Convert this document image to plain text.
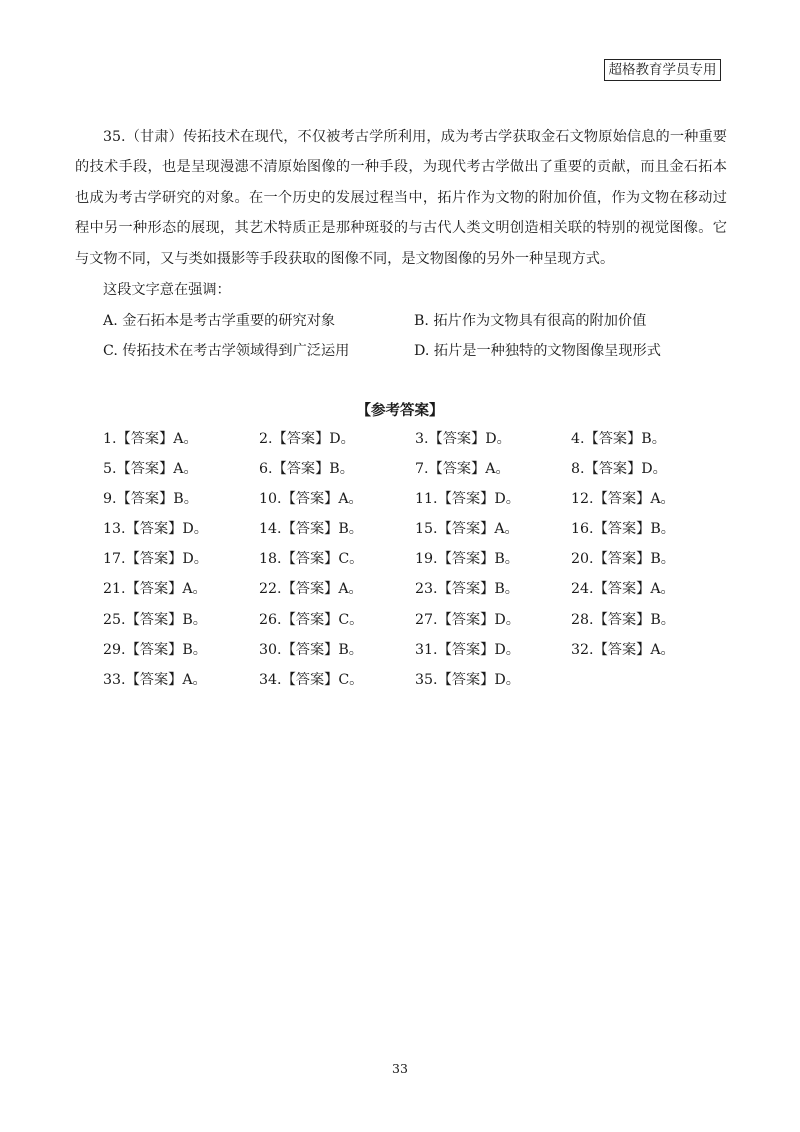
超格教育学员专用

35.（甘肃）传拓技术在现代，不仅被考古学所利用，成为考古学获取金石文物原始信息的一种重要的技术手段，也是呈现漫漶不清原始图像的一种手段，为现代考古学做出了重要的贡献，而且金石拓本也成为考古学研究的对象。在一个历史的发展过程当中，拓片作为文物的附加价值，作为文物在移动过程中另一种形态的展现，其艺术特质正是那种斑驳的与古代人类文明创造相关联的特别的视觉图像。它与文物不同，又与类如摄影等手段获取的图像不同，是文物图像的另外一种呈现方式。

这段文字意在强调：
A. 金石拓本是考古学重要的研究对象	B. 拓片作为文物具有很高的附加价值
C. 传拓技术在考古学领域得到广泛运用	D. 拓片是一种独特的文物图像呈现形式
【参考答案】
1.【答案】A。	2.【答案】D。	3.【答案】D。	4.【答案】B。
5.【答案】A。	6.【答案】B。	7.【答案】A。	8.【答案】D。
9.【答案】B。	10.【答案】A。	11.【答案】D。	12.【答案】A。
13.【答案】D。	14.【答案】B。	15.【答案】A。	16.【答案】B。
17.【答案】D。	18.【答案】C。	19.【答案】B。	20.【答案】B。
21.【答案】A。	22.【答案】A。	23.【答案】B。	24.【答案】A。
25.【答案】B。	26.【答案】C。	27.【答案】D。	28.【答案】B。
29.【答案】B。	30.【答案】B。	31.【答案】D。	32.【答案】A。
33.【答案】A。	34.【答案】C。	35.【答案】D。
33
